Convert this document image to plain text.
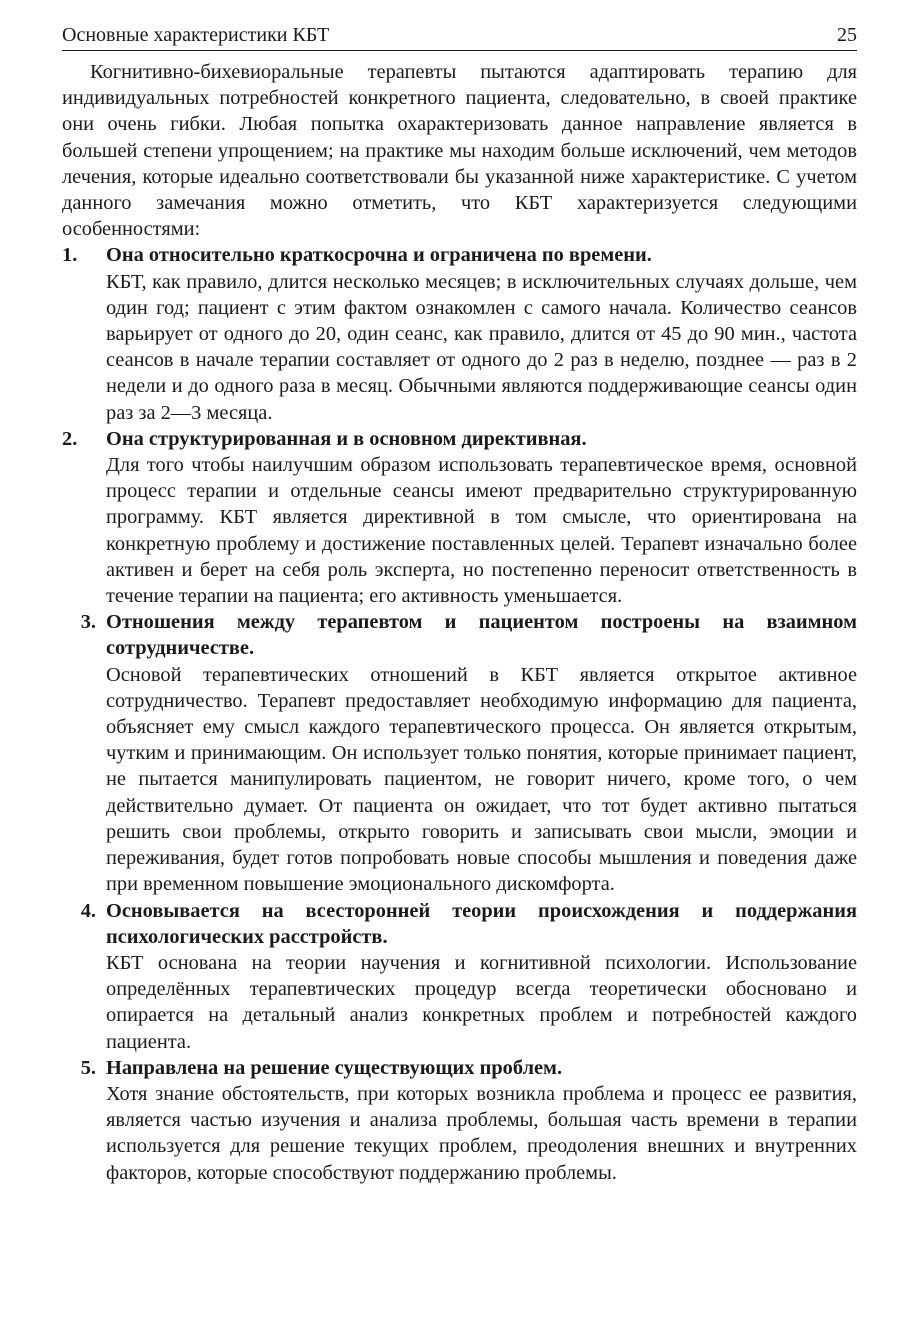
Основные характеристики КБТ	25

Когнитивно-бихевиоральные терапевты пытаются адаптировать терапию для индивидуальных потребностей конкретного пациента, следовательно, в своей практике они очень гибки. Любая попытка охарактеризовать данное направление является в большей степени упрощением; на практике мы находим больше исключений, чем методов лечения, которые идеально соответствовали бы указанной ниже характеристике. С учетом данного замечания можно отметить, что КБТ характеризуется следующими особенностями:

1.	Она относительно краткосрочна и ограничена по времени.

КБТ, как правило, длится несколько месяцев; в исключительных случаях дольше, чем один год; пациент с этим фактом ознакомлен с самого начала. Количество сеансов варьирует от одного до 20, один сеанс, как правило, длится от 45 до 90 мин., частота сеансов в начале терапии составляет от одного до 2 раз в неделю, позднее — раз в 2 недели и до одного раза в месяц. Обычными являются поддерживающие сеансы один раз за 2—3 месяца.

2.	Она структурированная и в основном директивная.

Для того чтобы наилучшим образом использовать терапевтическое время, основной процесс терапии и отдельные сеансы имеют предварительно структурированную программу. КБТ является директивной в том смысле, что ориентирована на конкретную проблему и достижение поставленных целей. Терапевт изначально более активен и берет на себя роль эксперта, но постепенно переносит ответственность в течение терапии на пациента; его активность уменьшается.

3. Отношения между терапевтом и пациентом построены на взаимном сотрудничестве.

Основой терапевтических отношений в КБТ является открытое активное сотрудничество. Терапевт предоставляет необходимую информацию для пациента, объясняет ему смысл каждого терапевтического процесса. Он является открытым, чутким и принимающим. Он использует только понятия, которые принимает пациент, не пытается манипулировать пациентом, не говорит ничего, кроме того, о чем действительно думает. От пациента он ожидает, что тот будет активно пытаться решить свои проблемы, открыто говорить и записывать свои мысли, эмоции и переживания, будет готов попробовать новые способы мышления и поведения даже при временном повышение эмоционального дискомфорта.

4. Основывается на всесторонней теории происхождения и поддержания психологических расстройств.

КБТ основана на теории научения и когнитивной психологии. Использование определённых терапевтических процедур всегда теоретически обосновано и опирается на детальный анализ конкретных проблем и потребностей каждого пациента.

5. Направлена на решение существующих проблем.

Хотя знание обстоятельств, при которых возникла проблема и процесс ее развития, является частью изучения и анализа проблемы, большая часть времени в терапии используется для решение текущих проблем, преодоления внешних и внутренних факторов, которые способствуют поддержанию проблемы.
